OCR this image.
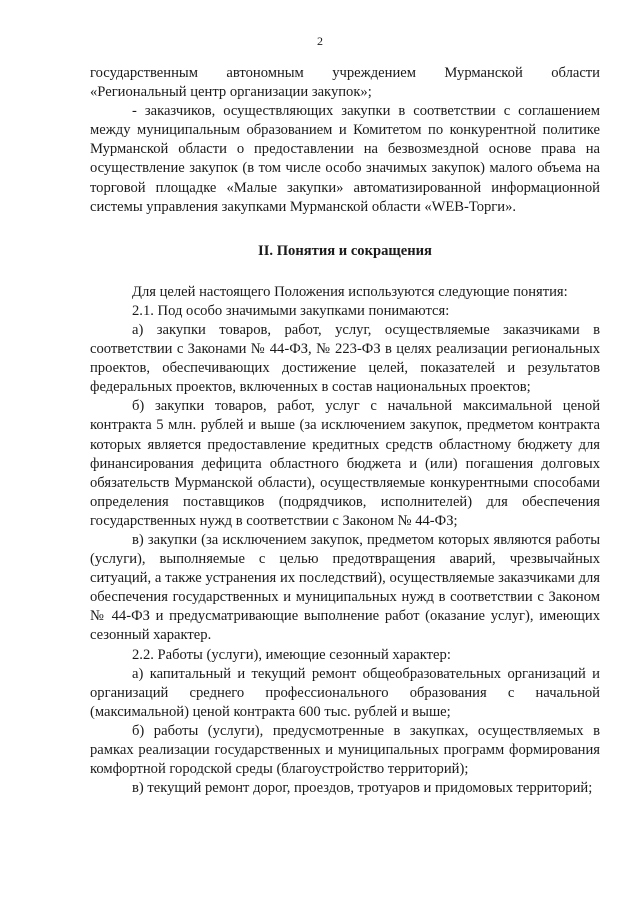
2

государственным автономным учреждением Мурманской области «Региональный центр организации закупок»;

- заказчиков, осуществляющих закупки в соответствии с соглашением между муниципальным образованием и Комитетом по конкурентной политике Мурманской области о предоставлении на безвозмездной основе права на осуществление закупок (в том числе особо значимых закупок) малого объема на торговой площадке «Малые закупки» автоматизированной информационной системы управления закупками Мурманской области «WEB-Торги».

II. Понятия и сокращения

Для целей настоящего Положения используются следующие понятия:

2.1. Под особо значимыми закупками понимаются:

а) закупки товаров, работ, услуг, осуществляемые заказчиками в соответствии с Законами № 44-ФЗ, № 223-ФЗ в целях реализации региональных проектов, обеспечивающих достижение целей, показателей и результатов федеральных проектов, включенных в состав национальных проектов;

б) закупки товаров, работ, услуг с начальной максимальной ценой контракта 5 млн. рублей и выше (за исключением закупок, предметом контракта которых является предоставление кредитных средств областному бюджету для финансирования дефицита областного бюджета и (или) погашения долговых обязательств Мурманской области), осуществляемые конкурентными способами определения поставщиков (подрядчиков, исполнителей) для обеспечения государственных нужд в соответствии с Законом № 44-ФЗ;

в) закупки (за исключением закупок, предметом которых являются работы (услуги), выполняемые с целью предотвращения аварий, чрезвычайных ситуаций, а также устранения их последствий), осуществляемые заказчиками для обеспечения государственных и муниципальных нужд в соответствии с Законом № 44-ФЗ и предусматривающие выполнение работ (оказание услуг), имеющих сезонный характер.

2.2. Работы (услуги), имеющие сезонный характер:

а) капитальный и текущий ремонт общеобразовательных организаций и организаций среднего профессионального образования с начальной (максимальной) ценой контракта 600 тыс. рублей и выше;

б) работы (услуги), предусмотренные в закупках, осуществляемых в рамках реализации государственных и муниципальных программ формирования комфортной городской среды (благоустройство территорий);

в) текущий ремонт дорог, проездов, тротуаров и придомовых территорий;
